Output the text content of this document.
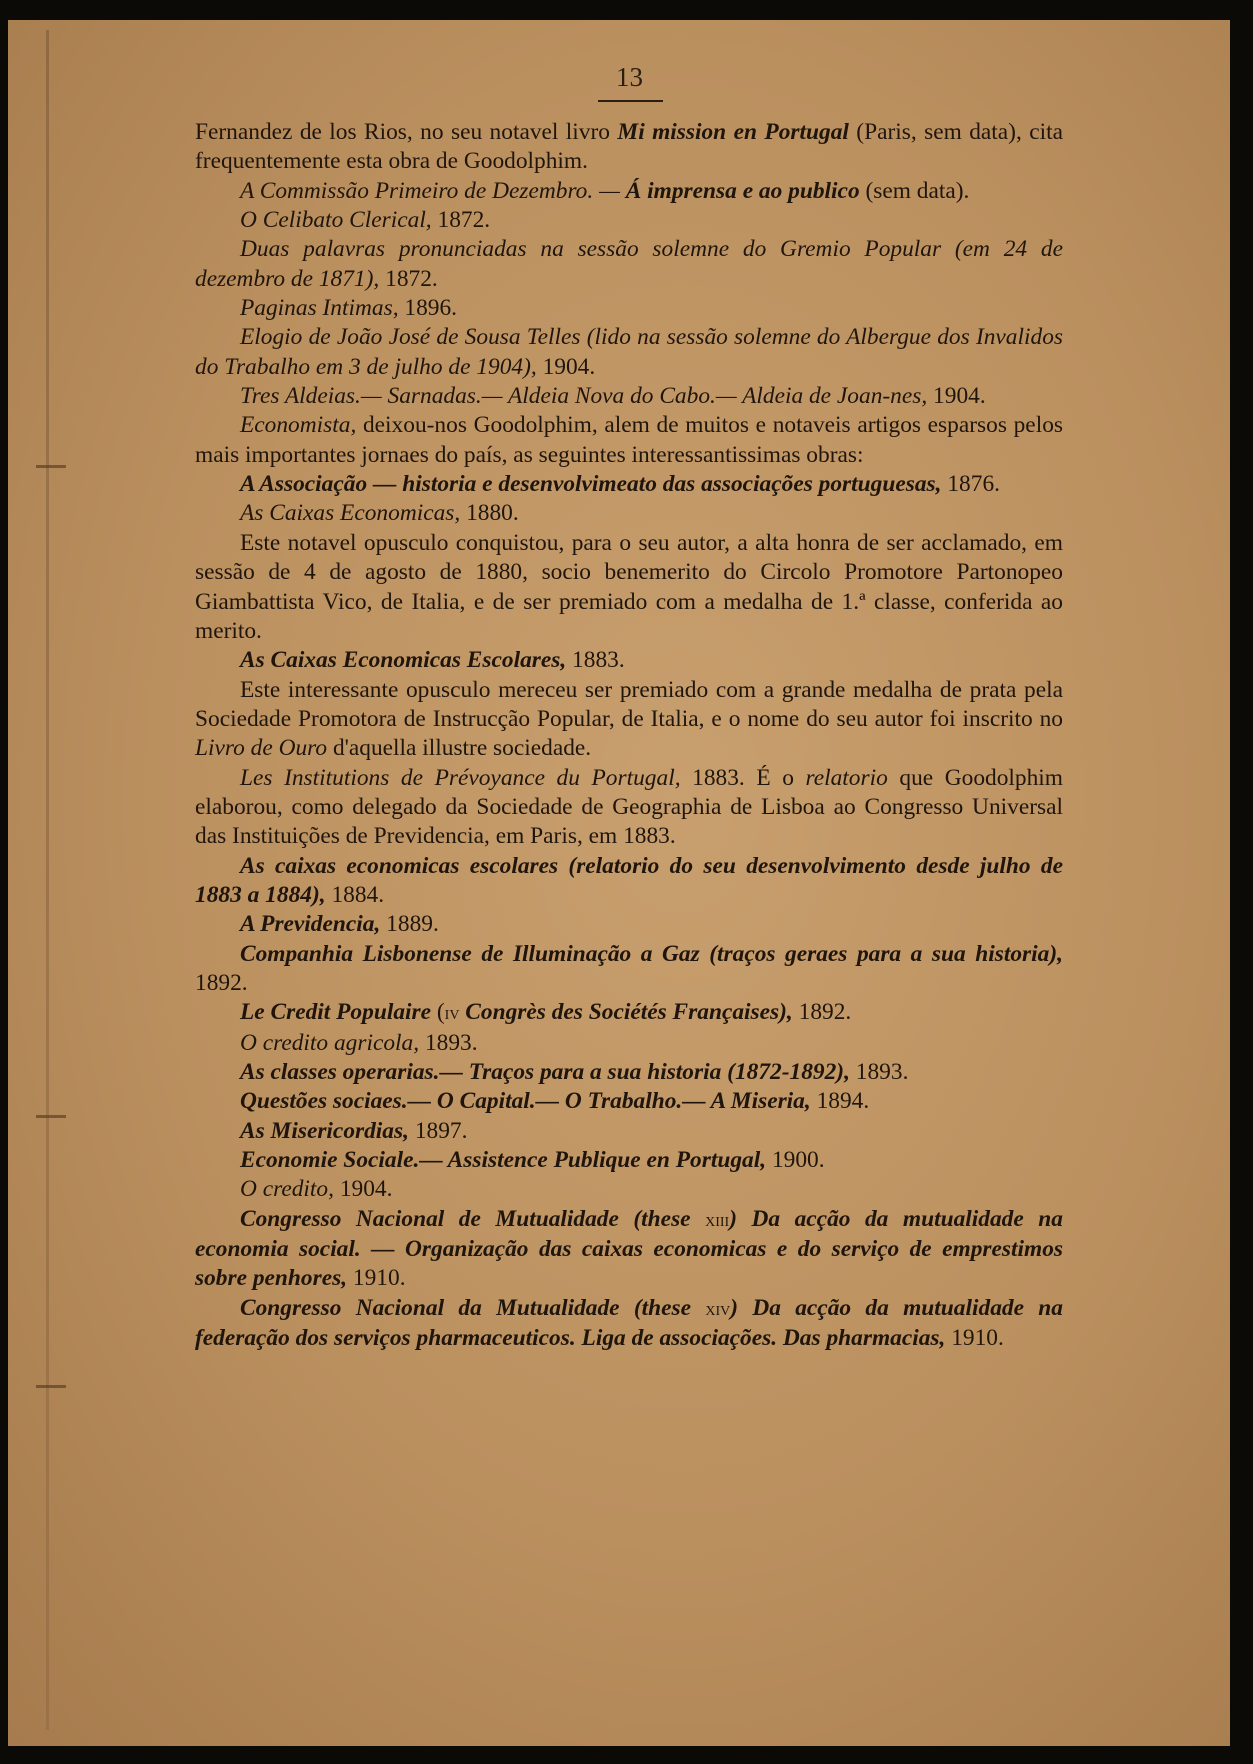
13

Fernandez de los Rios, no seu notavel livro Mi mission en Portugal (Paris, sem data), cita frequentemente esta obra de Goodolphim.

A Commissão Primeiro de Dezembro. — Á imprensa e ao publico (sem data).

O Celibato Clerical, 1872.

Duas palavras pronunciadas na sessão solemne do Gremio Popular (em 24 de dezembro de 1871), 1872.

Paginas Intimas, 1896.

Elogio de João José de Sousa Telles (lido na sessão solemne do Albergue dos Invalidos do Trabalho em 3 de julho de 1904), 1904.

Tres Aldeias.— Sarnadas.— Aldeia Nova do Cabo.— Aldeia de Joan-nes, 1904.

Economista, deixou-nos Goodolphim, alem de muitos e notaveis artigos esparsos pelos mais importantes jornaes do país, as seguintes interessantissimas obras:

A Associação — historia e desenvolvimeato das associações portuguesas, 1876.

As Caixas Economicas, 1880.

Este notavel opusculo conquistou, para o seu autor, a alta honra de ser acclamado, em sessão de 4 de agosto de 1880, socio benemerito do Circolo Promotore Partonopeo Giambattista Vico, de Italia, e de ser premiado com a medalha de 1.ª classe, conferida ao merito.

As Caixas Economicas Escolares, 1883.

Este interessante opusculo mereceu ser premiado com a grande medalha de prata pela Sociedade Promotora de Instrucção Popular, de Italia, e o nome do seu autor foi inscrito no Livro de Ouro d'aquella illustre sociedade.

Les Institutions de Prévoyance du Portugal, 1883. É o relatorio que Goodolphim elaborou, como delegado da Sociedade de Geographia de Lisboa ao Congresso Universal das Instituições de Previdencia, em Paris, em 1883.

As caixas economicas escolares (relatorio do seu desenvolvimento desde julho de 1883 a 1884), 1884.

A Previdencia, 1889.

Companhia Lisbonense de Illuminação a Gaz (traços geraes para a sua historia), 1892.

Le Credit Populaire (iv Congrès des Sociétés Françaises), 1892.

O credito agricola, 1893.

As classes operarias.— Traços para a sua historia (1872-1892), 1893.

Questões sociaes.— O Capital.— O Trabalho.— A Miseria, 1894.

As Misericordias, 1897.

Economie Sociale.— Assistence Publique en Portugal, 1900.

O credito, 1904.

Congresso Nacional de Mutualidade (these xiii) Da acção da mutualidade na economia social. — Organização das caixas economicas e do serviço de emprestimos sobre penhores, 1910.

Congresso Nacional da Mutualidade (these xiv) Da acção da mutualidade na federação dos serviços pharmaceuticos. Liga de associações. Das pharmacias, 1910.
